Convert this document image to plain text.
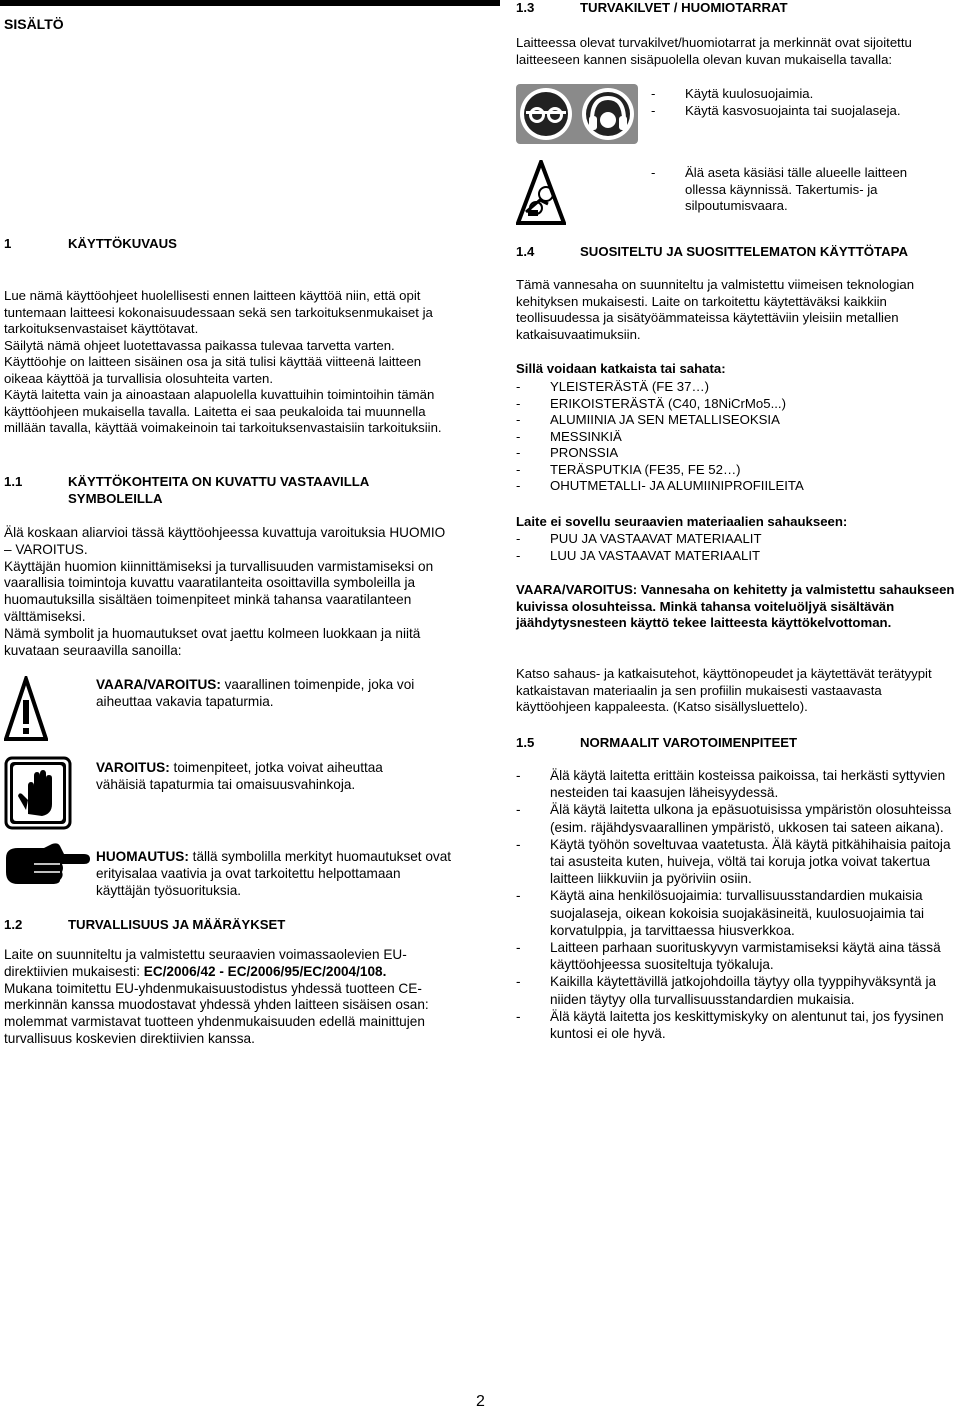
SISÄLTÖ
1.3	TURVAKILVET / HUOMIOTARRAT

Laitteessa olevat turvakilvet/huomiotarrat ja merkinnät ovat sijoitettu laitteeseen kannen sisäpuolella olevan kuvan mukaisella tavalla:

- Käytä kuulosuojaimia.
- Käytä kasvosuojainta tai suojalaseja.
- Älä aseta käsiäsi tälle alueelle laitteen ollessa käynnissä. Takertumis- ja silpoutumisvaara.
1	KÄYTTÖKUVAUS

Lue nämä käyttöohjeet huolellisesti ennen laitteen käyttöä niin, että opit tuntemaan laitteesi kokonaisuudessaan sekä sen tarkoituksenmukaiset ja tarkoituksenvastaiset käyttötavat.

Säilytä nämä ohjeet luotettavassa paikassa tulevaa tarvetta varten.

Käyttöohje on laitteen sisäinen osa ja sitä tulisi käyttää viitteenä laitteen oikeaa käyttöä ja turvallisia olosuhteita varten.

Käytä laitetta vain ja ainoastaan alapuolella kuvattuihin toimintoihin tämän käyttöohjeen mukaisella tavalla. Laitetta ei saa peukaloida tai muunnella millään tavalla, käyttää voimakeinoin tai tarkoituksenvastaisiin tarkoituksiin.

1.1	KÄYTTÖKOHTEITA ON KUVATTU VASTAAVILLA
SYMBOLEILLA

Älä koskaan aliarvioi tässä käyttöohjeessa kuvattuja varoituksia HUOMIO – VAROITUS.

Käyttäjän huomion kiinnittämiseksi ja turvallisuuden varmistamiseksi on vaarallisia toimintoja kuvattu vaaratilanteita osoittavilla symboleilla ja huomautuksilla sisältäen toimenpiteet minkä tahansa vaaratilanteen välttämiseksi.

Nämä symbolit ja huomautukset ovat jaettu kolmeen luokkaan ja niitä kuvataan seuraavilla sanoilla:

VAARA/VAROITUS: vaarallinen toimenpide, joka voi aiheuttaa vakavia tapaturmia.

VAROITUS: toimenpiteet, jotka voivat aiheuttaa vähäisiä tapaturmia tai omaisuusvahinkoja.

HUOMAUTUS: tällä symbolilla merkityt huomautukset ovat erityisalaa vaativia ja ovat tarkoitettu helpottamaan käyttäjän työsuorituksia.

1.2	TURVALLISUUS JA MÄÄRÄYKSET

Laite on suunniteltu ja valmistettu seuraavien voimassaolevien EU-direktiivien mukaisesti: EC/2006/42 - EC/2006/95/EC/2004/108.

Mukana toimitettu EU-yhdenmukaisuustodistus yhdessä tuotteen CE-merkinnän kanssa muodostavat yhdessä yhden laitteen sisäisen osan: molemmat varmistavat tuotteen yhdenmukaisuuden edellä mainittujen turvallisuus koskevien direktiivien kanssa.

1.4	SUOSITELTU JA SUOSITTELEMATON KÄYTTÖTAPA

Tämä vannesaha on suunniteltu ja valmistettu viimeisen teknologian kehityksen mukaisesti. Laite on tarkoitettu käytettäväksi kaikkiin teollisuudessa ja sisätyöämmateissa käytettäviin yleisiin metallien katkaisuvaatimuksiin.

Sillä voidaan katkaista tai sahata:

- YLEISTERÄSTÄ (FE 37…)
- ERIKOISTERÄSTÄ (C40, 18NiCrMo5...)
- ALUMIINIA JA SEN METALLISEOKSIA
- MESSINKIÄ
- PRONSSIA
- TERÄSPUTKIA (FE35, FE 52…)
- OHUTMETALLI- JA ALUMIINIPROFIILEITA

Laite ei sovellu seuraavien materiaalien sahaukseen:

- PUU JA VASTAAVAT MATERIAALIT
- LUU JA VASTAAVAT MATERIAALIT

VAARA/VAROITUS: Vannesaha on kehitetty ja valmistettu sahaukseen kuivissa olosuhteissa. Minkä tahansa voiteluöljyä sisältävän jäähdytysnesteen käyttö tekee laitteesta käyttökelvottoman.

Katso sahaus- ja katkaisutehot, käyttönopeudet ja käytettävät terätyypit katkaistavan materiaalin ja sen profiilin mukaisesti vastaavasta käyttöohjeen kappaleesta. (Katso sisällysluettelo).

1.5	NORMAALIT VAROTOIMENPITEET
- Älä käytä laitetta erittäin kosteissa paikoissa, tai herkästi syttyvien nesteiden tai kaasujen läheisyydessä.
- Älä käytä laitetta ulkona ja epäsuotuisissa ympäristön olosuhteissa (esim. räjähdysvaarallinen ympäristö, ukkosen tai sateen aikana).
- Käytä työhön soveltuvaa vaatetusta. Älä käytä pitkähihaisia paitoja tai asusteita kuten, huiveja, völtä tai koruja jotka voivat takertua laitteen liikkuviin ja pyöriviin osiin.
- Käytä aina henkilösuojaimia: turvallisuusstandardien mukaisia suojalaseja, oikean kokoisia suojakäsineitä, kuulosuojaimia tai korvatulppia, ja tarvittaessa hiusverkkoa.
- Laitteen parhaan suorituskyvyn varmistamiseksi käytä aina tässä käyttöohjeessa suositeltuja työkaluja.
- Kaikilla käytettävillä jatkojohdoilla täytyy olla tyyppihyväksyntä ja niiden täytyy olla turvallisuusstandardien mukaisia.
- Älä käytä laitetta jos keskittymiskyky on alentunut tai, jos fyysinen kuntosi ei ole hyvä.
2
